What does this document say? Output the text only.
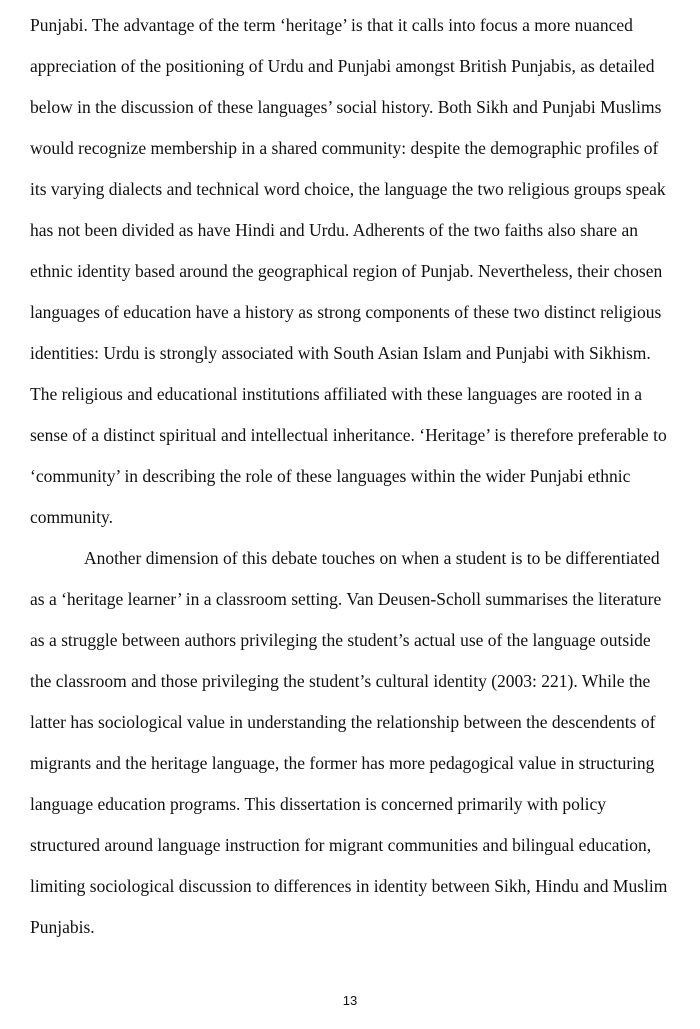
Punjabi. The advantage of the term ‘heritage’ is that it calls into focus a more nuanced

appreciation of the positioning of Urdu and Punjabi amongst British Punjabis, as detailed

below in the discussion of these languages’ social history. Both Sikh and Punjabi Muslims

would recognize membership in a shared community: despite the demographic profiles of

its varying dialects and technical word choice, the language the two religious groups speak

has not been divided as have Hindi and Urdu. Adherents of the two faiths also share an

ethnic identity based around the geographical region of Punjab. Nevertheless, their chosen

languages of education have a history as strong components of these two distinct religious

identities: Urdu is strongly associated with South Asian Islam and Punjabi with Sikhism.

The religious and educational institutions affiliated with these languages are rooted in a

sense of a distinct spiritual and intellectual inheritance. ‘Heritage’ is therefore preferable to

‘community’ in describing the role of these languages within the wider Punjabi ethnic

community.

Another dimension of this debate touches on when a student is to be differentiated

as a ‘heritage learner’ in a classroom setting. Van Deusen-Scholl summarises the literature

as a struggle between authors privileging the student’s actual use of the language outside

the classroom and those privileging the student’s cultural identity (2003: 221). While the

latter has sociological value in understanding the relationship between the descendents of

migrants and the heritage language, the former has more pedagogical value in structuring

language education programs. This dissertation is concerned primarily with policy

structured around language instruction for migrant communities and bilingual education,

limiting sociological discussion to differences in identity between Sikh, Hindu and Muslim

Punjabis.

13
